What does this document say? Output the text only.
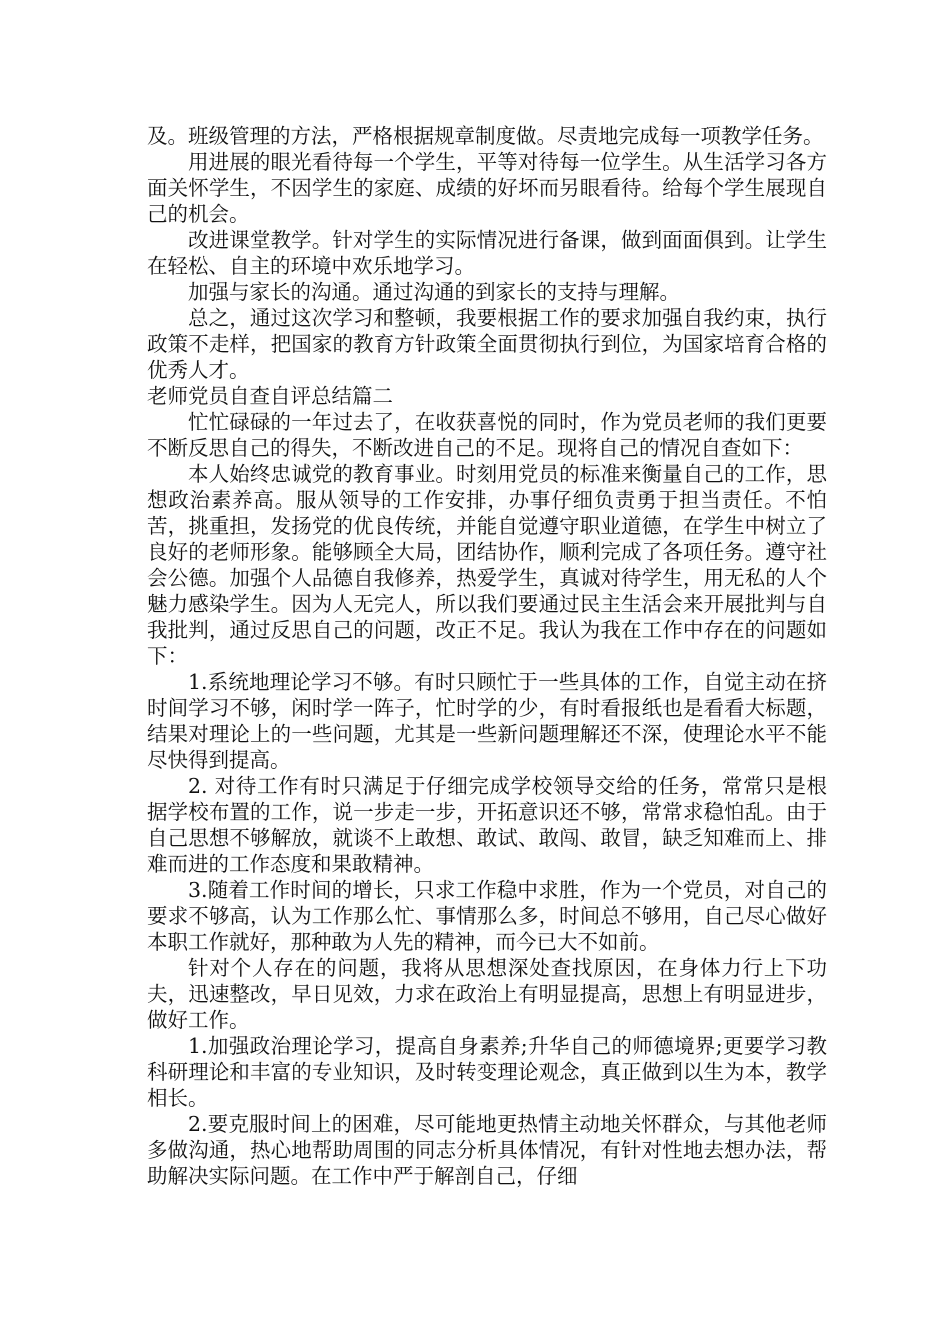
及。班级管理的方法，严格根据规章制度做。尽责地完成每一项教学任务。

用进展的眼光看待每一个学生，平等对待每一位学生。从生活学习各方面关怀学生，不因学生的家庭、成绩的好坏而另眼看待。给每个学生展现自己的机会。

改进课堂教学。针对学生的实际情况进行备课，做到面面俱到。让学生在轻松、自主的环境中欢乐地学习。

加强与家长的沟通。通过沟通的到家长的支持与理解。

总之，通过这次学习和整顿，我要根据工作的要求加强自我约束，执行政策不走样，把国家的教育方针政策全面贯彻执行到位，为国家培育合格的优秀人才。

老师党员自查自评总结篇二

忙忙碌碌的一年过去了，在收获喜悦的同时，作为党员老师的我们更要不断反思自己的得失，不断改进自己的不足。现将自己的情况自查如下：

本人始终忠诚党的教育事业。时刻用党员的标准来衡量自己的工作，思想政治素养高。服从领导的工作安排，办事仔细负责勇于担当责任。不怕苦，挑重担，发扬党的优良传统，并能自觉遵守职业道德，在学生中树立了良好的老师形象。能够顾全大局，团结协作，顺利完成了各项任务。遵守社会公德。加强个人品德自我修养，热爱学生，真诚对待学生，用无私的人个魅力感染学生。因为人无完人，所以我们要通过民主生活会来开展批判与自我批判，通过反思自己的问题，改正不足。我认为我在工作中存在的问题如下：

1.系统地理论学习不够。有时只顾忙于一些具体的工作，自觉主动在挤时间学习不够，闲时学一阵子，忙时学的少，有时看报纸也是看看大标题，结果对理论上的一些问题，尤其是一些新问题理解还不深，使理论水平不能尽快得到提高。

2. 对待工作有时只满足于仔细完成学校领导交给的任务，常常只是根据学校布置的工作，说一步走一步，开拓意识还不够，常常求稳怕乱。由于自己思想不够解放，就谈不上敢想、敢试、敢闯、敢冒，缺乏知难而上、排难而进的工作态度和果敢精神。

3.随着工作时间的增长，只求工作稳中求胜，作为一个党员，对自己的要求不够高，认为工作那么忙、事情那么多，时间总不够用，自己尽心做好本职工作就好，那种敢为人先的精神，而今已大不如前。

针对个人存在的问题，我将从思想深处查找原因，在身体力行上下功夫，迅速整改，早日见效，力求在政治上有明显提高，思想上有明显进步，做好工作。

1.加强政治理论学习，提高自身素养;升华自己的师德境界;更要学习教科研理论和丰富的专业知识，及时转变理论观念，真正做到以生为本，教学相长。

2.要克服时间上的困难，尽可能地更热情主动地关怀群众，与其他老师多做沟通，热心地帮助周围的同志分析具体情况，有针对性地去想办法，帮助解决实际问题。在工作中严于解剖自己，仔细
